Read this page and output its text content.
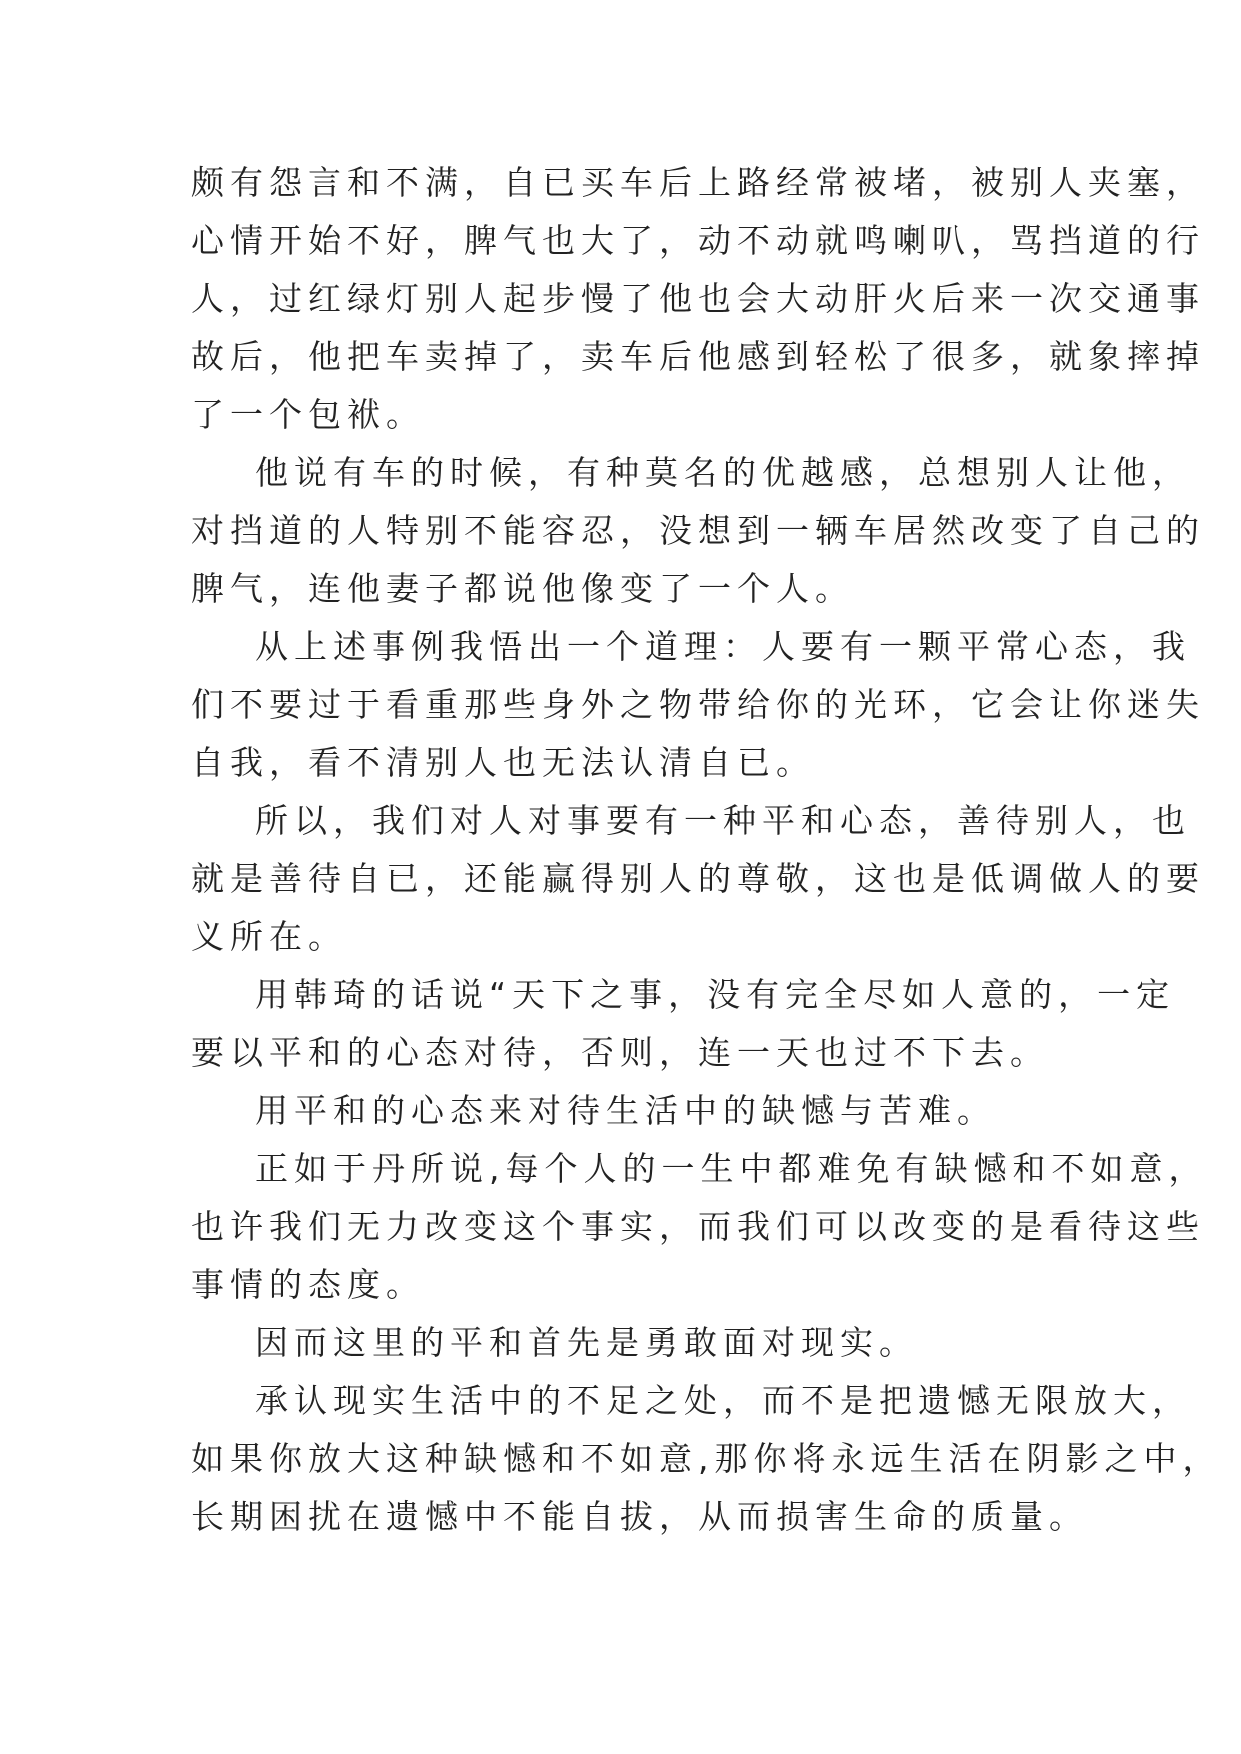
颇有怨言和不满，自已买车后上路经常被堵，被别人夹塞，
心情开始不好，脾气也大了，动不动就鸣喇叭，骂挡道的行
人，过红绿灯别人起步慢了他也会大动肝火后来一次交通事
故后，他把车卖掉了，卖车后他感到轻松了很多，就象摔掉
了一个包袱。
他说有车的时候，有种莫名的优越感，总想别人让他，
对挡道的人特别不能容忍，没想到一辆车居然改变了自己的
脾气，连他妻子都说他像变了一个人。
从上述事例我悟出一个道理：人要有一颗平常心态，我
们不要过于看重那些身外之物带给你的光环，它会让你迷失
自我，看不清别人也无法认清自已。
所以，我们对人对事要有一种平和心态，善待别人，也
就是善待自已，还能赢得别人的尊敬，这也是低调做人的要
义所在。
用韩琦的话说“天下之事，没有完全尽如人意的，一定
要以平和的心态对待，否则，连一天也过不下去。
用平和的心态来对待生活中的缺憾与苦难。
正如于丹所说,每个人的一生中都难免有缺憾和不如意，
也许我们无力改变这个事实，而我们可以改变的是看待这些
事情的态度。
因而这里的平和首先是勇敢面对现实。
承认现实生活中的不足之处，而不是把遗憾无限放大，
如果你放大这种缺憾和不如意,那你将永远生活在阴影之中，
长期困扰在遗憾中不能自拔，从而损害生命的质量。
